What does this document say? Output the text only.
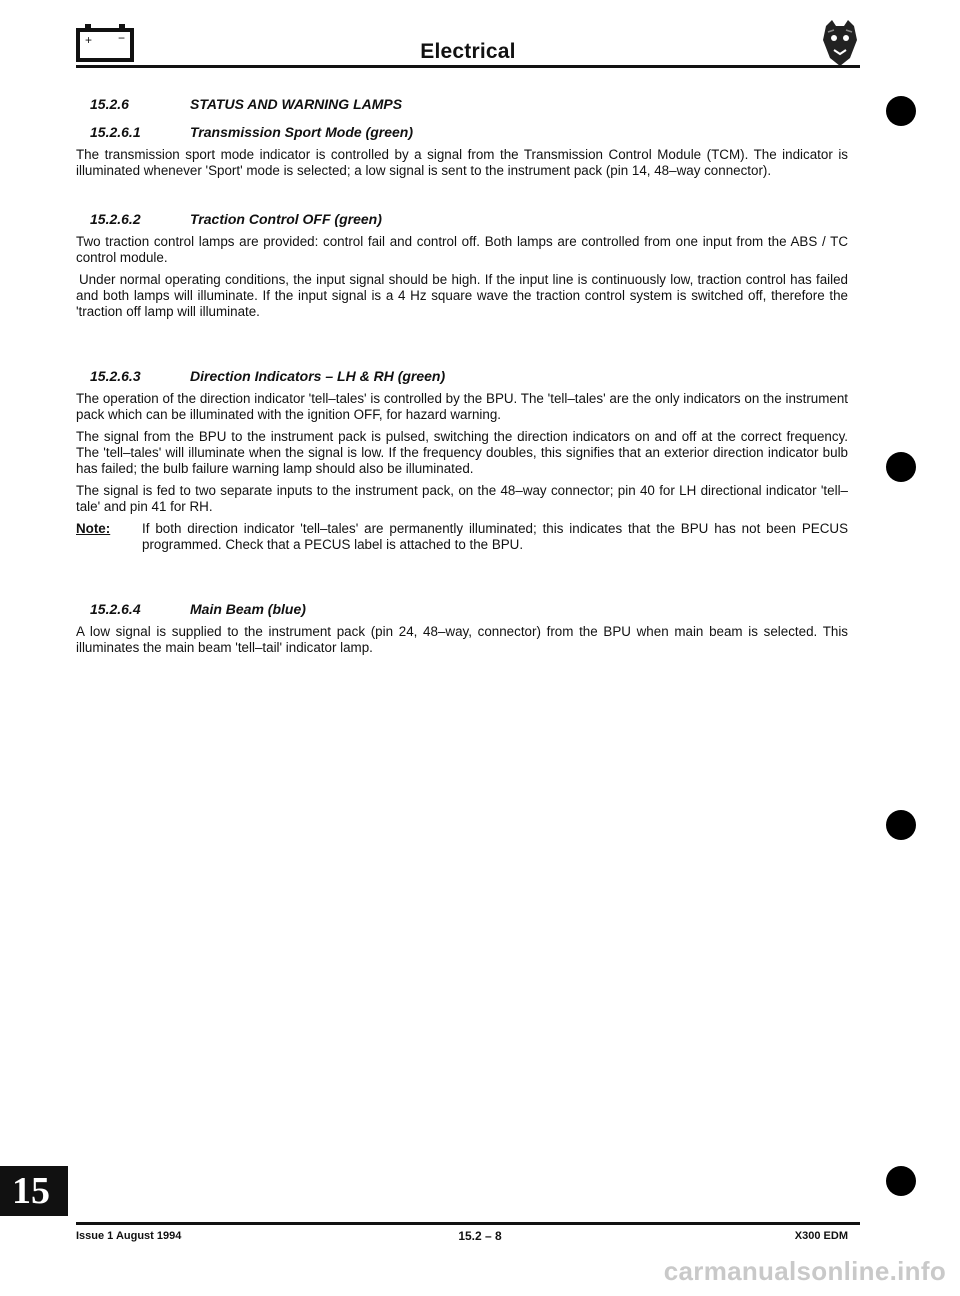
+ −
Electrical
15.2.6	STATUS AND WARNING LAMPS
15.2.6.1	Transmission Sport Mode (green)

The transmission sport mode indicator is controlled by a signal from the Transmission Control Module (TCM). The indicator is illuminated whenever 'Sport' mode is selected; a low signal is sent to the instrument pack (pin 14, 48–way connector).

15.2.6.2	Traction Control OFF (green)

Two traction control lamps are provided: control fail and control off. Both lamps are controlled from one input from the ABS / TC control module.

Under normal operating conditions, the input signal should be high. If the input line is continuously low, traction control has failed and both lamps will illuminate. If the input signal is a 4 Hz square wave the traction control system is switched off, therefore the 'traction off lamp will illuminate.

15.2.6.3	Direction Indicators – LH & RH (green)

The operation of the direction indicator 'tell–tales' is controlled by the BPU. The 'tell–tales' are the only indicators on the instrument pack which can be illuminated with the ignition OFF, for hazard warning.

The signal from the BPU to the instrument pack is pulsed, switching the direction indicators on and off at the correct frequency. The 'tell–tales' will illuminate when the signal is low. If the frequency doubles, this signifies that an exterior direction indicator bulb has failed; the bulb failure warning lamp should also be illuminated.

The signal is fed to two separate inputs to the instrument pack, on the 48–way connector; pin 40 for LH directional indicator 'tell–tale' and pin 41 for RH.

Note:	If both direction indicator 'tell–tales' are permanently illuminated; this indicates that the BPU has not been PECUS programmed. Check that a PECUS label is attached to the BPU.
15.2.6.4	Main Beam (blue)

A low signal is supplied to the instrument pack (pin 24, 48–way, connector) from the BPU when main beam is selected. This illuminates the main beam 'tell–tail' indicator lamp.

15
Issue 1 August 1994	15.2 – 8	X300 EDM
carmanualsonline.info
